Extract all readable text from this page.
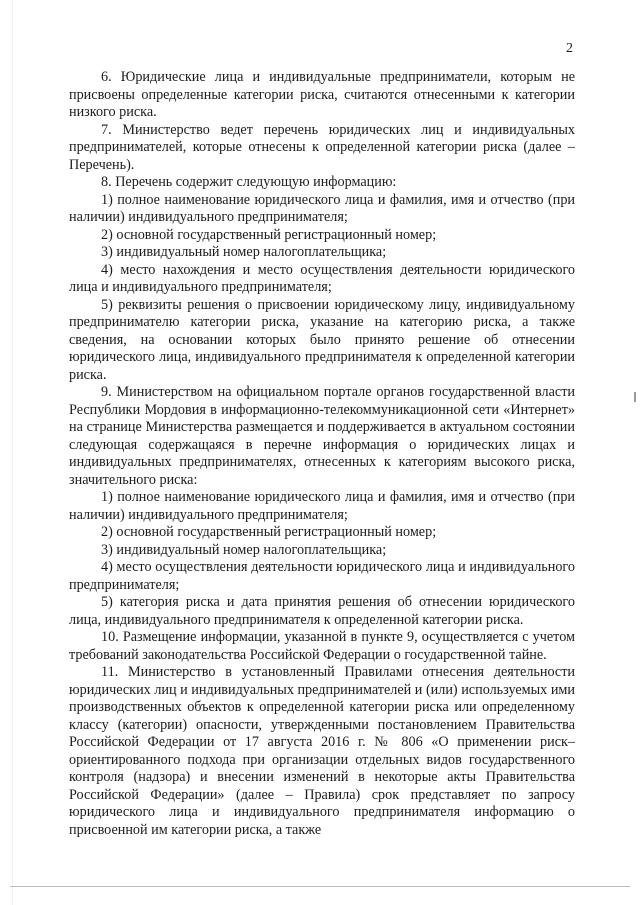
2

6. Юридические лица и индивидуальные предприниматели, которым не присвоены определенные категории риска, считаются отнесенными к категории низкого риска.

7. Министерство ведет перечень юридических лиц и индивидуальных предпринимателей, которые отнесены к определенной категории риска (далее – Перечень).

8. Перечень содержит следующую информацию:

1) полное наименование юридического лица и фамилия, имя и отчество (при наличии) индивидуального предпринимателя;

2) основной государственный регистрационный номер;

3) индивидуальный номер налогоплательщика;

4) место нахождения и место осуществления деятельности юридического лица и индивидуального предпринимателя;

5) реквизиты решения о присвоении юридическому лицу, индивидуальному предпринимателю категории риска, указание на категорию риска, а также сведения, на основании которых было принято решение об отнесении юридического лица, индивидуального предпринимателя к определенной категории риска.

9. Министерством на официальном портале органов государственной власти Республики Мордовия в информационно-телекоммуникационной сети «Интернет» на странице Министерства размещается и поддерживается в актуальном состоянии следующая содержащаяся в перечне информация о юридических лицах и индивидуальных предпринимателях, отнесенных к категориям высокого риска, значительного риска:

1) полное наименование юридического лица и фамилия, имя и отчество (при наличии) индивидуального предпринимателя;

2) основной государственный регистрационный номер;

3) индивидуальный номер налогоплательщика;

4) место осуществления деятельности юридического лица и индивидуального предпринимателя;

5) категория риска и дата принятия решения об отнесении юридического лица, индивидуального предпринимателя к определенной категории риска.

10. Размещение информации, указанной в пункте 9, осуществляется с учетом требований законодательства Российской Федерации о государственной тайне.

11. Министерство в установленный Правилами отнесения деятельности юридических лиц и индивидуальных предпринимателей и (или) используемых ими производственных объектов к определенной категории риска или определенному классу (категории) опасности, утвержденными постановлением Правительства Российской Федерации от 17 августа 2016 г. № 806 «О применении риск–ориентированного подхода при организации отдельных видов государственного контроля (надзора) и внесении изменений в некоторые акты Правительства Российской Федерации» (далее – Правила) срок представляет по запросу юридического лица и индивидуального предпринимателя информацию о присвоенной им категории риска, а также
